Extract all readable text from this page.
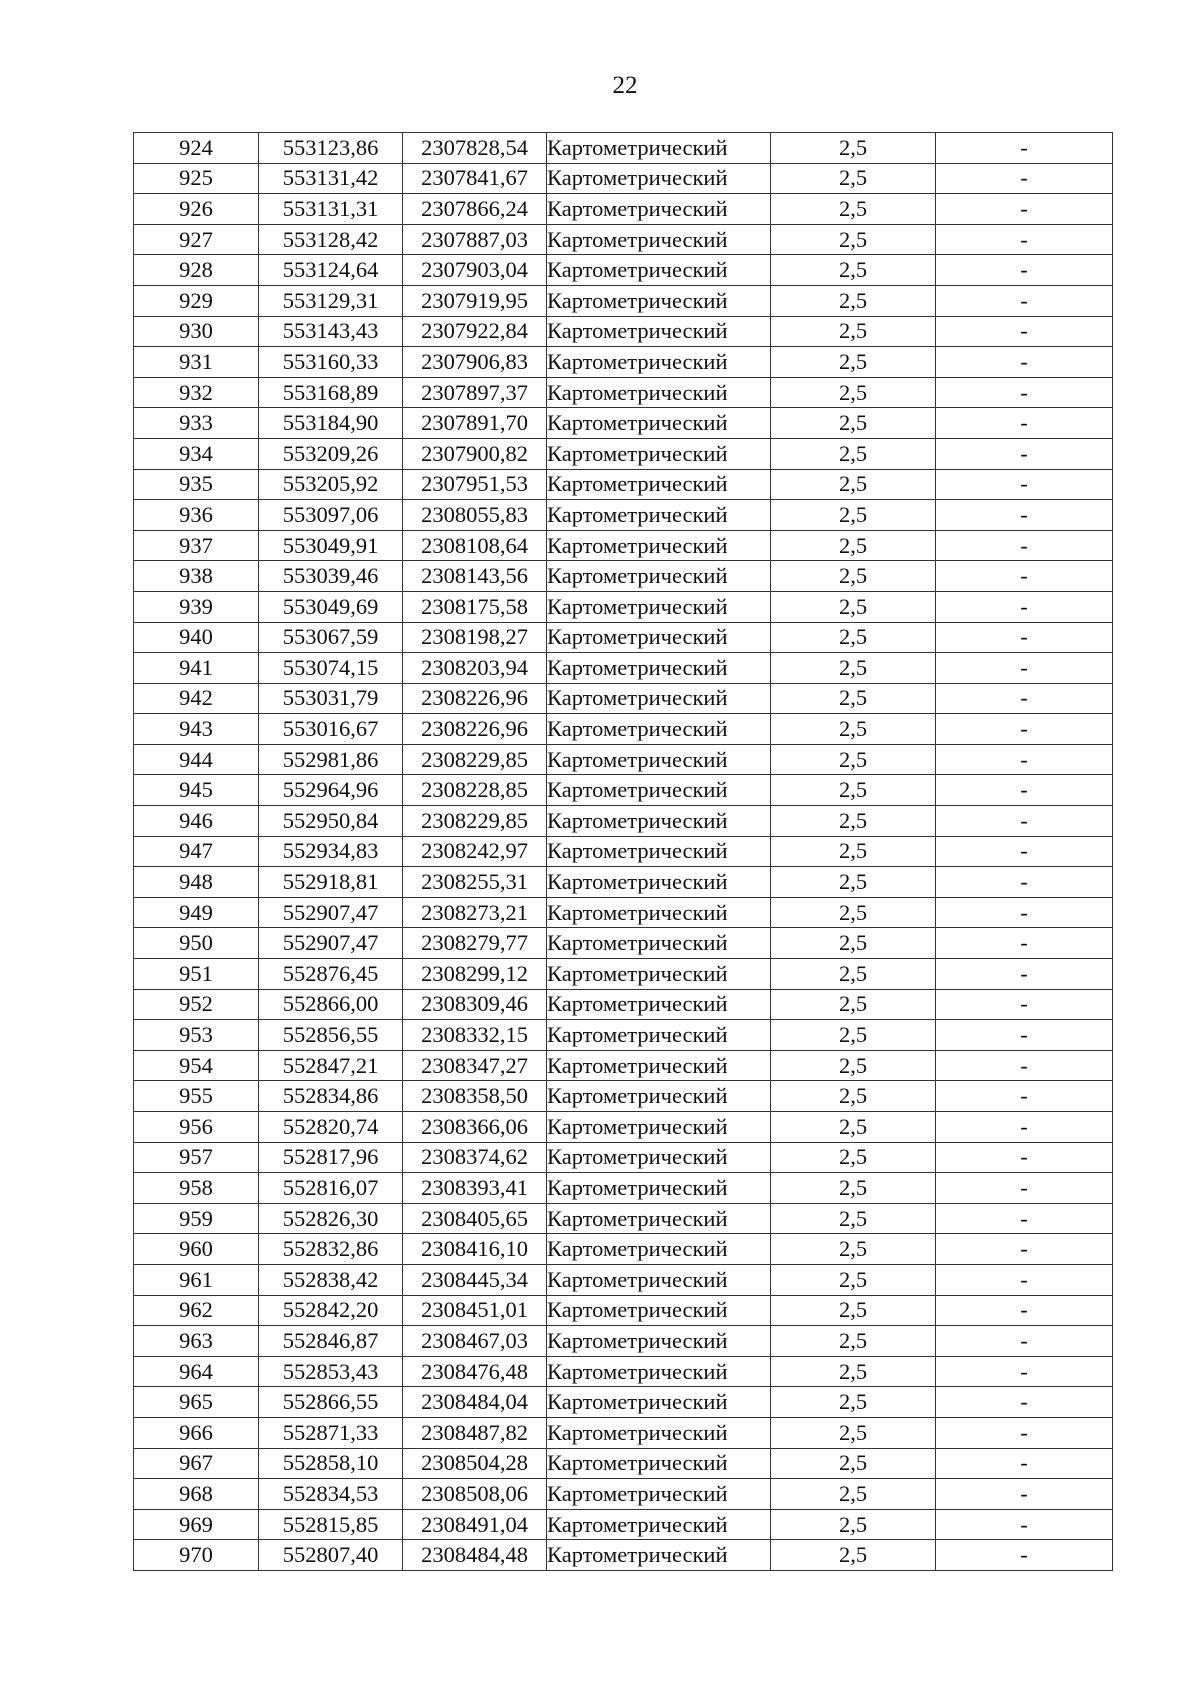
22
924	553123,86	2307828,54	Картометрический	2,5	-
925	553131,42	2307841,67	Картометрический	2,5	-
926	553131,31	2307866,24	Картометрический	2,5	-
927	553128,42	2307887,03	Картометрический	2,5	-
928	553124,64	2307903,04	Картометрический	2,5	-
929	553129,31	2307919,95	Картометрический	2,5	-
930	553143,43	2307922,84	Картометрический	2,5	-
931	553160,33	2307906,83	Картометрический	2,5	-
932	553168,89	2307897,37	Картометрический	2,5	-
933	553184,90	2307891,70	Картометрический	2,5	-
934	553209,26	2307900,82	Картометрический	2,5	-
935	553205,92	2307951,53	Картометрический	2,5	-
936	553097,06	2308055,83	Картометрический	2,5	-
937	553049,91	2308108,64	Картометрический	2,5	-
938	553039,46	2308143,56	Картометрический	2,5	-
939	553049,69	2308175,58	Картометрический	2,5	-
940	553067,59	2308198,27	Картометрический	2,5	-
941	553074,15	2308203,94	Картометрический	2,5	-
942	553031,79	2308226,96	Картометрический	2,5	-
943	553016,67	2308226,96	Картометрический	2,5	-
944	552981,86	2308229,85	Картометрический	2,5	-
945	552964,96	2308228,85	Картометрический	2,5	-
946	552950,84	2308229,85	Картометрический	2,5	-
947	552934,83	2308242,97	Картометрический	2,5	-
948	552918,81	2308255,31	Картометрический	2,5	-
949	552907,47	2308273,21	Картометрический	2,5	-
950	552907,47	2308279,77	Картометрический	2,5	-
951	552876,45	2308299,12	Картометрический	2,5	-
952	552866,00	2308309,46	Картометрический	2,5	-
953	552856,55	2308332,15	Картометрический	2,5	-
954	552847,21	2308347,27	Картометрический	2,5	-
955	552834,86	2308358,50	Картометрический	2,5	-
956	552820,74	2308366,06	Картометрический	2,5	-
957	552817,96	2308374,62	Картометрический	2,5	-
958	552816,07	2308393,41	Картометрический	2,5	-
959	552826,30	2308405,65	Картометрический	2,5	-
960	552832,86	2308416,10	Картометрический	2,5	-
961	552838,42	2308445,34	Картометрический	2,5	-
962	552842,20	2308451,01	Картометрический	2,5	-
963	552846,87	2308467,03	Картометрический	2,5	-
964	552853,43	2308476,48	Картометрический	2,5	-
965	552866,55	2308484,04	Картометрический	2,5	-
966	552871,33	2308487,82	Картометрический	2,5	-
967	552858,10	2308504,28	Картометрический	2,5	-
968	552834,53	2308508,06	Картометрический	2,5	-
969	552815,85	2308491,04	Картометрический	2,5	-
970	552807,40	2308484,48	Картометрический	2,5	-
